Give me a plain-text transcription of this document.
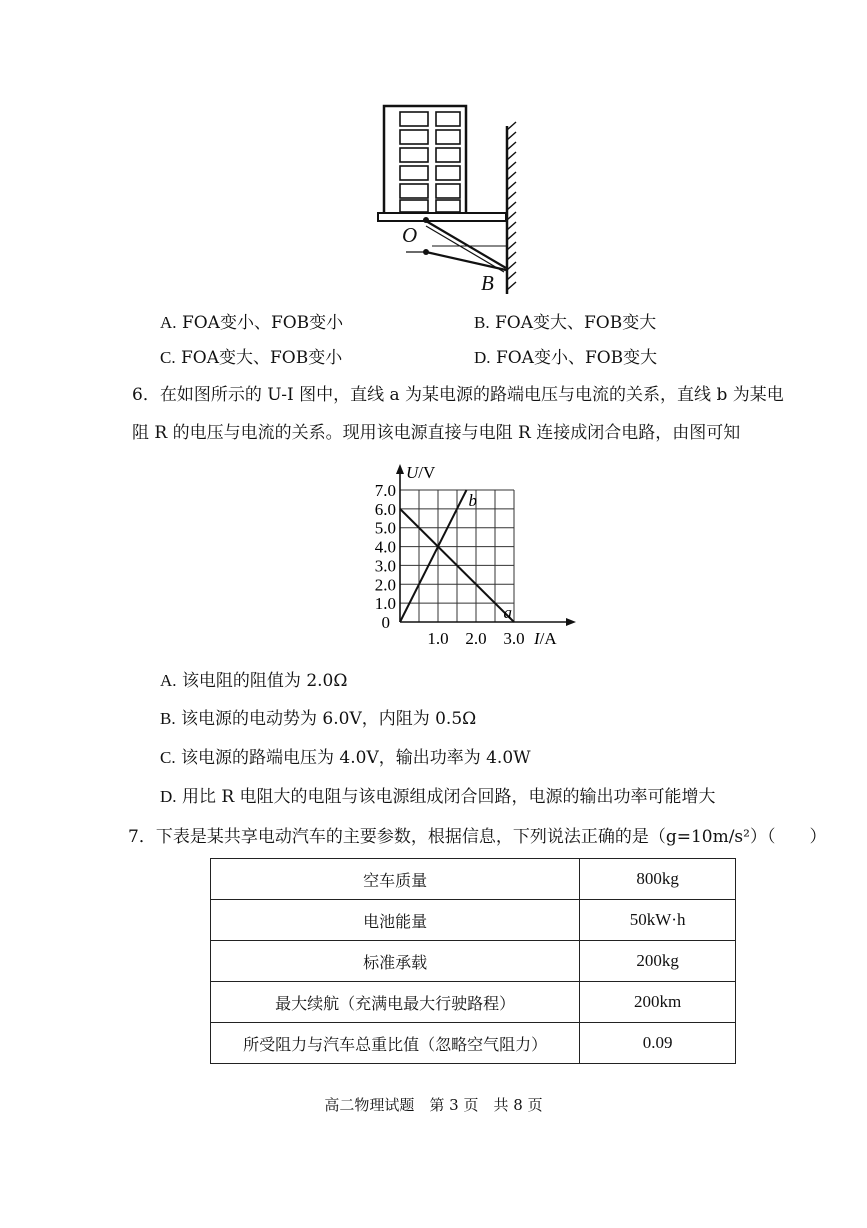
O
B
A. FOA变小、FOB变小	B. FOA变大、FOB变大
C. FOA变大、FOB变小	D. FOA变小、FOB变大
6．在如图所示的 U-I 图中，直线 a 为某电源的路端电压与电流的关系，直线 b 为某电
阻 R 的电压与电流的关系。现用该电源直接与电阻 R 连接成闭合电路，由图可知
0
1.0
2.0
3.0
4.0
5.0
6.0
7.0
1.0 2.0 3.0 I/A
U/V
a
b
A. 该电阻的阻值为 2.0Ω
B. 该电源的电动势为 6.0V，内阻为 0.5Ω
C. 该电源的路端电压为 4.0V，输出功率为 4.0W
D. 用比 R 电阻大的电阻与该电源组成闭合回路，电源的输出功率可能增大
7．下表是某共享电动汽车的主要参数，根据信息，下列说法正确的是（g=10m/s²）（　　）
空车质量	800kg
电池能量	50kW·h
标准承载	200kg
最大续航（充满电最大行驶路程）	200km
所受阻力与汽车总重比值（忽略空气阻力）	0.09
高二物理试题　第 3 页　共 8 页
